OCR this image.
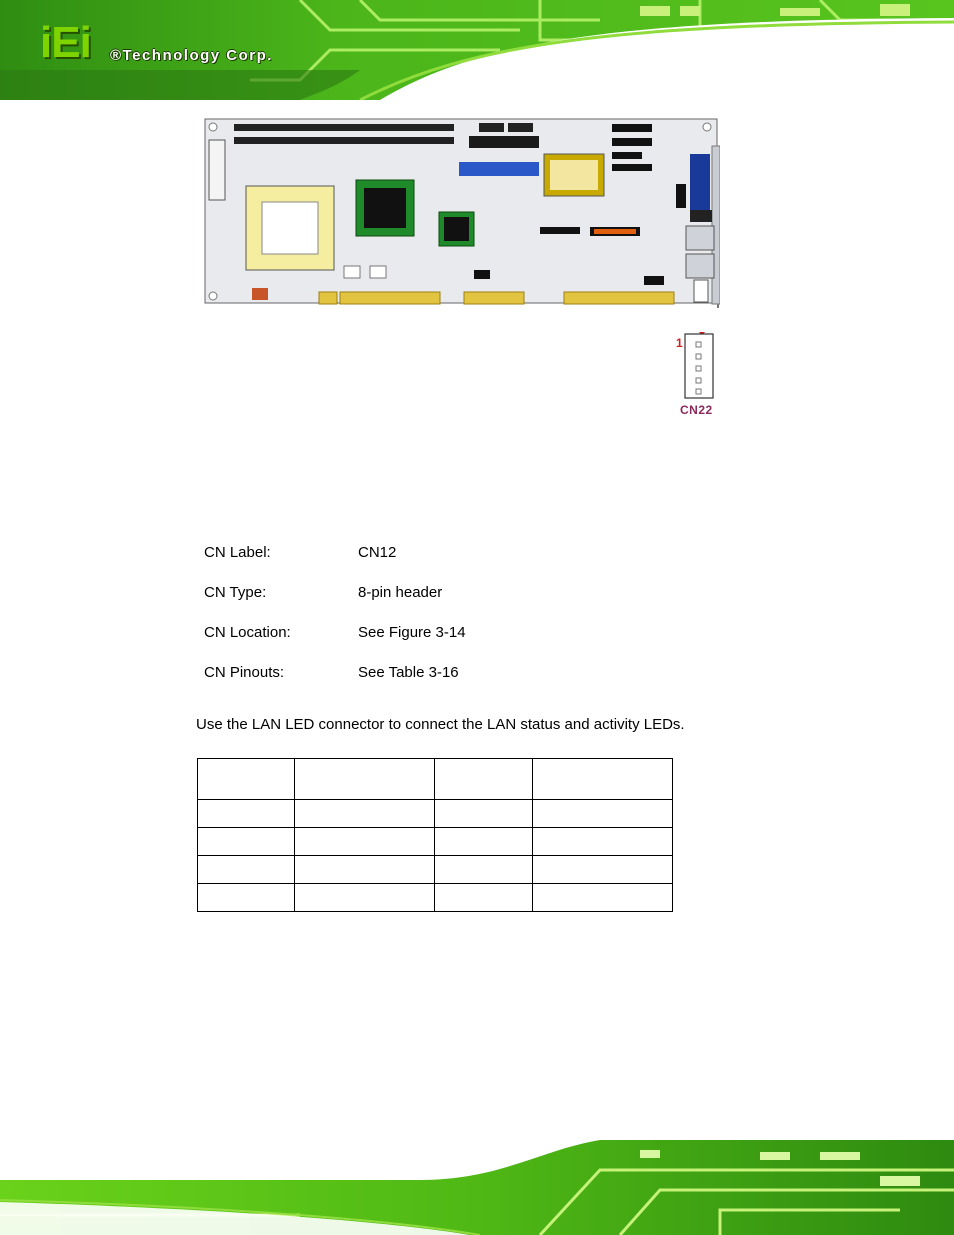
iEi ®Technology Corp.
1
CN22
CN Label:	CN12
CN Type:	8-pin header
CN Location:	See Figure 3-14
CN Pinouts:	See Table 3-16
Use the LAN LED connector to connect the LAN status and activity LEDs.
